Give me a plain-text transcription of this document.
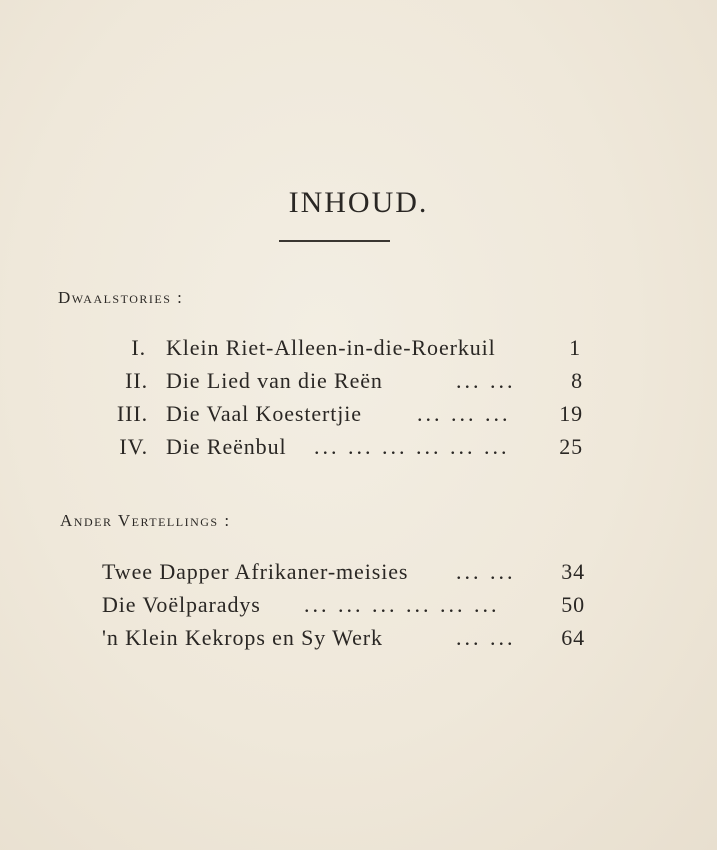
INHOUD.
Dwaalstories :
I. Klein Riet-Alleen-in-die-Roerkuil	1
II. Die Lied van die Reën	... ...	8
III. Die Vaal Koestertjie	... ... ...	19
IV. Die Reënbul ... ... ... ... ... ...	25
Ander Vertellings :
Twee Dapper Afrikaner-meisies ... ...	34
Die Voëlparadys ... ... ... ... ... ...	50
'n Klein Kekrops en Sy Werk	... ...	64
